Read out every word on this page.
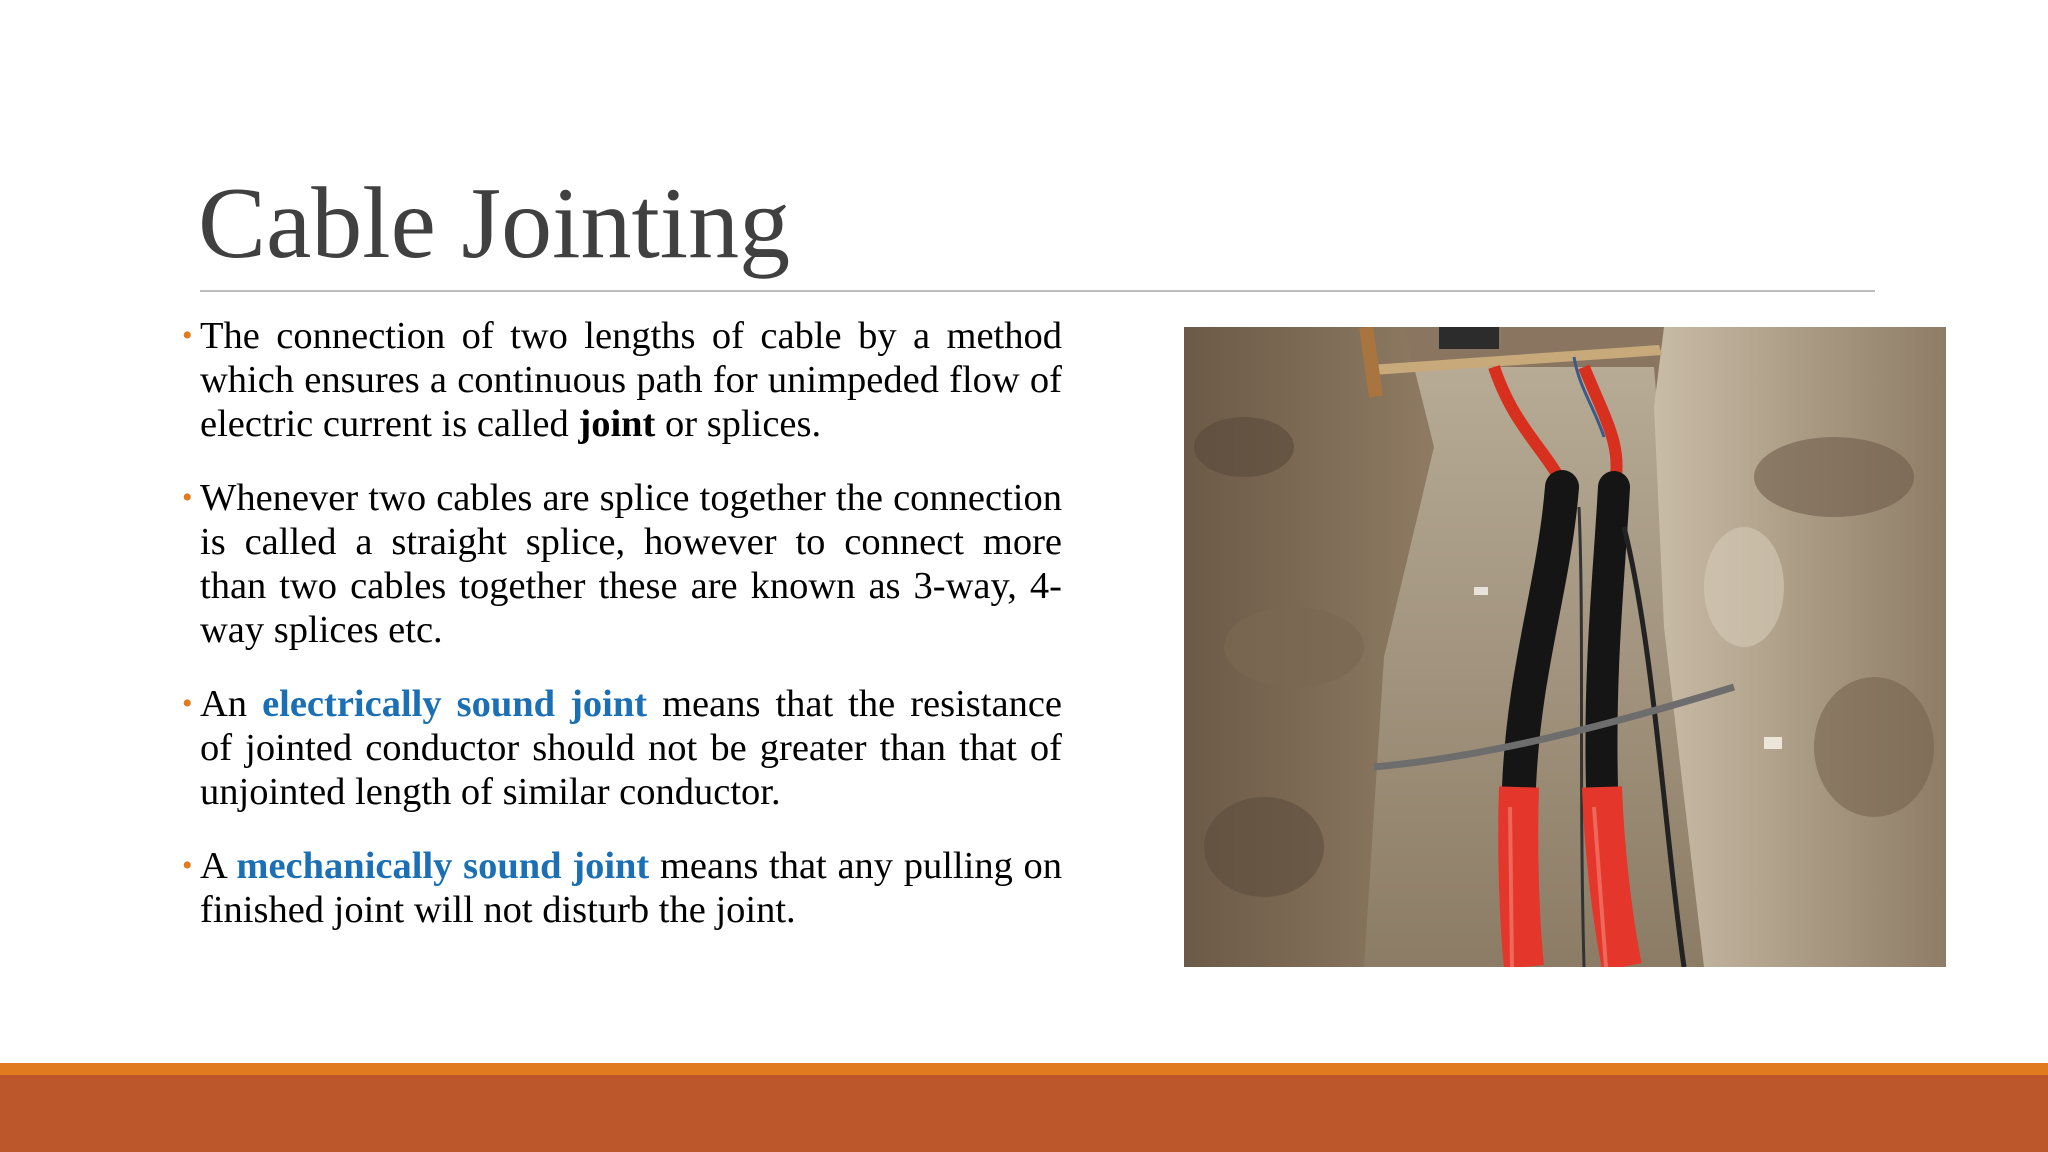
Cable Jointing
• The connection of two lengths of cable by a method which ensures a continuous path for unimpeded flow of electric current is called joint or splices.
• Whenever two cables are splice together the connection is called a straight splice, however to connect more than two cables together these are known as 3-way, 4-way splices etc.
• An electrically sound joint means that the resistance of jointed conductor should not be greater than that of unjointed length of similar conductor.
• A mechanically sound joint means that any pulling on finished joint will not disturb the joint.
